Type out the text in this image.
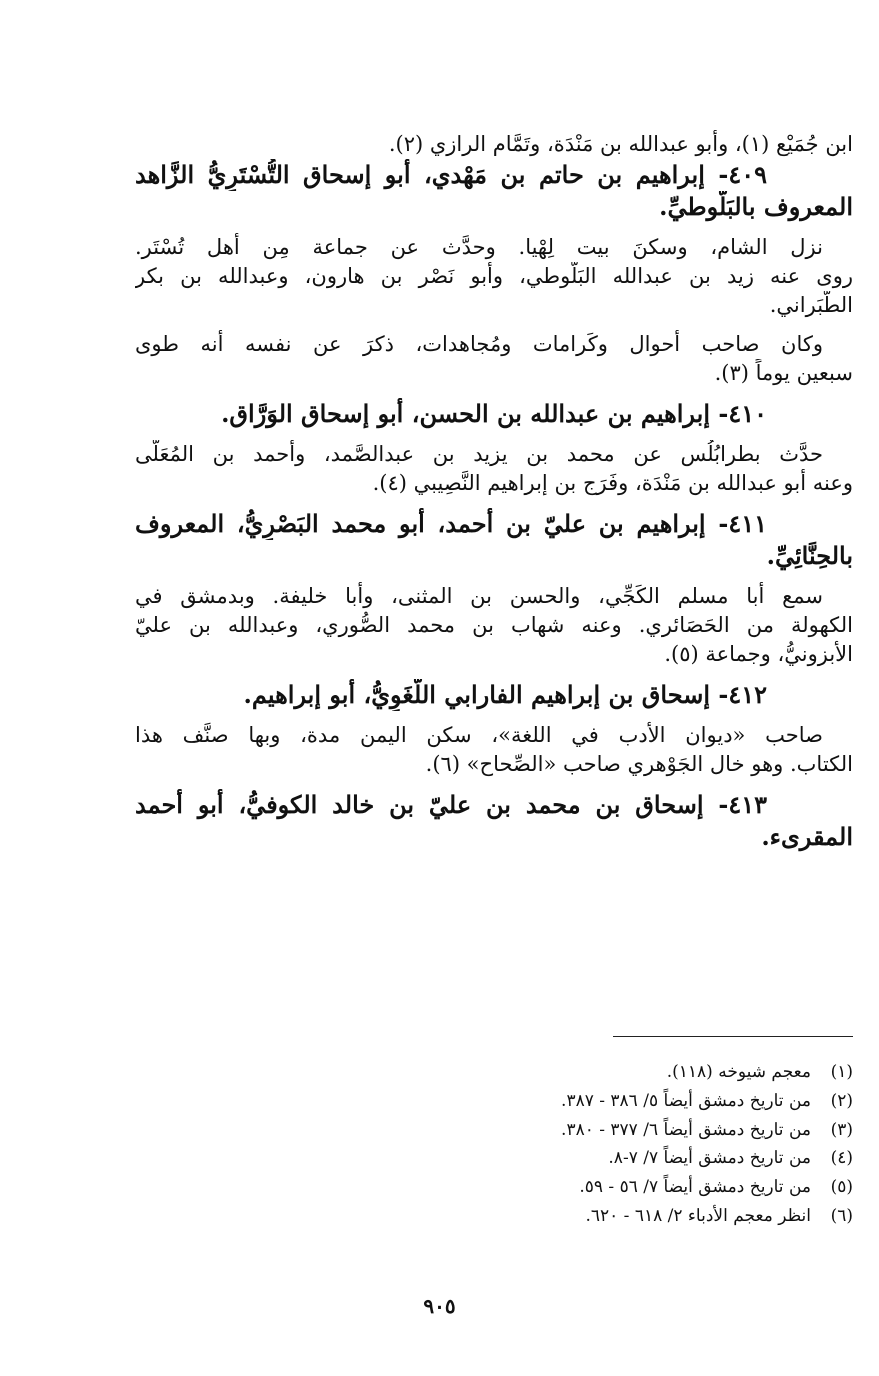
ابن جُمَيْع (١)، وأبو عبدالله بن مَنْدَة، وتَمَّام الرازي (٢).
٤٠٩- إبراهيم بن حاتم بن مَهْدي، أبو إسحاق التُّسْتَرِيُّ الزَّاهد
المعروف بالبَلُّوطيِّ.
نزل الشام، وسكنَ بيت لِهْيا. وحدَّث عن جماعة مِن أهل تُسْتَر.
روى عنه زيد بن عبدالله البَلُّوطي، وأبو نَصْر بن هارون، وعبدالله بن بكر
الطَّبَراني.
وكان صاحب أحوال وكَرامات ومُجاهدات، ذكرَ عن نفسه أنه طوى
سبعين يوماً (٣).
٤١٠- إبراهيم بن عبدالله بن الحسن، أبو إسحاق الوَرَّاق.
حدَّث بطرابُلُس عن محمد بن يزيد بن عبدالصَّمد، وأحمد بن المُعَلَّى
وعنه أبو عبدالله بن مَنْدَة، وفَرَج بن إبراهيم النَّصِيبي (٤).
٤١١- إبراهيم بن عليّ بن أحمد، أبو محمد البَصْرِيُّ، المعروف
بالحِنَّائِيِّ.
سمع أبا مسلم الكَجِّي، والحسن بن المثنى، وأبا خليفة. وبدمشق في
الكهولة من الحَصَائري. وعنه شهاب بن محمد الصُّوري، وعبدالله بن عليّ
الأبزونيُّ، وجماعة (٥).
٤١٢- إسحاق بن إبراهيم الفارابي اللُّغَوِيُّ، أبو إبراهيم.
صاحب «ديوان الأدب في اللغة»، سكن اليمن مدة، وبها صنَّف هذا
الكتاب. وهو خال الجَوْهري صاحب «الصِّحاح» (٦).
٤١٣- إسحاق بن محمد بن عليّ بن خالد الكوفيُّ، أبو أحمد
المقرىء.
(١)
معجم شيوخه (١١٨).
(٢)
من تاريخ دمشق أيضاً ٥/ ٣٨٦ - ٣٨٧.
(٣)
من تاريخ دمشق أيضاً ٦/ ٣٧٧ - ٣٨٠.
(٤)
من تاريخ دمشق أيضاً ٧/ ٧-٨.
(٥)
من تاريخ دمشق أيضاً ٧/ ٥٦ - ٥٩.
(٦)
انظر معجم الأدباء ٢/ ٦١٨ - ٦٢٠.
٩٠٥
